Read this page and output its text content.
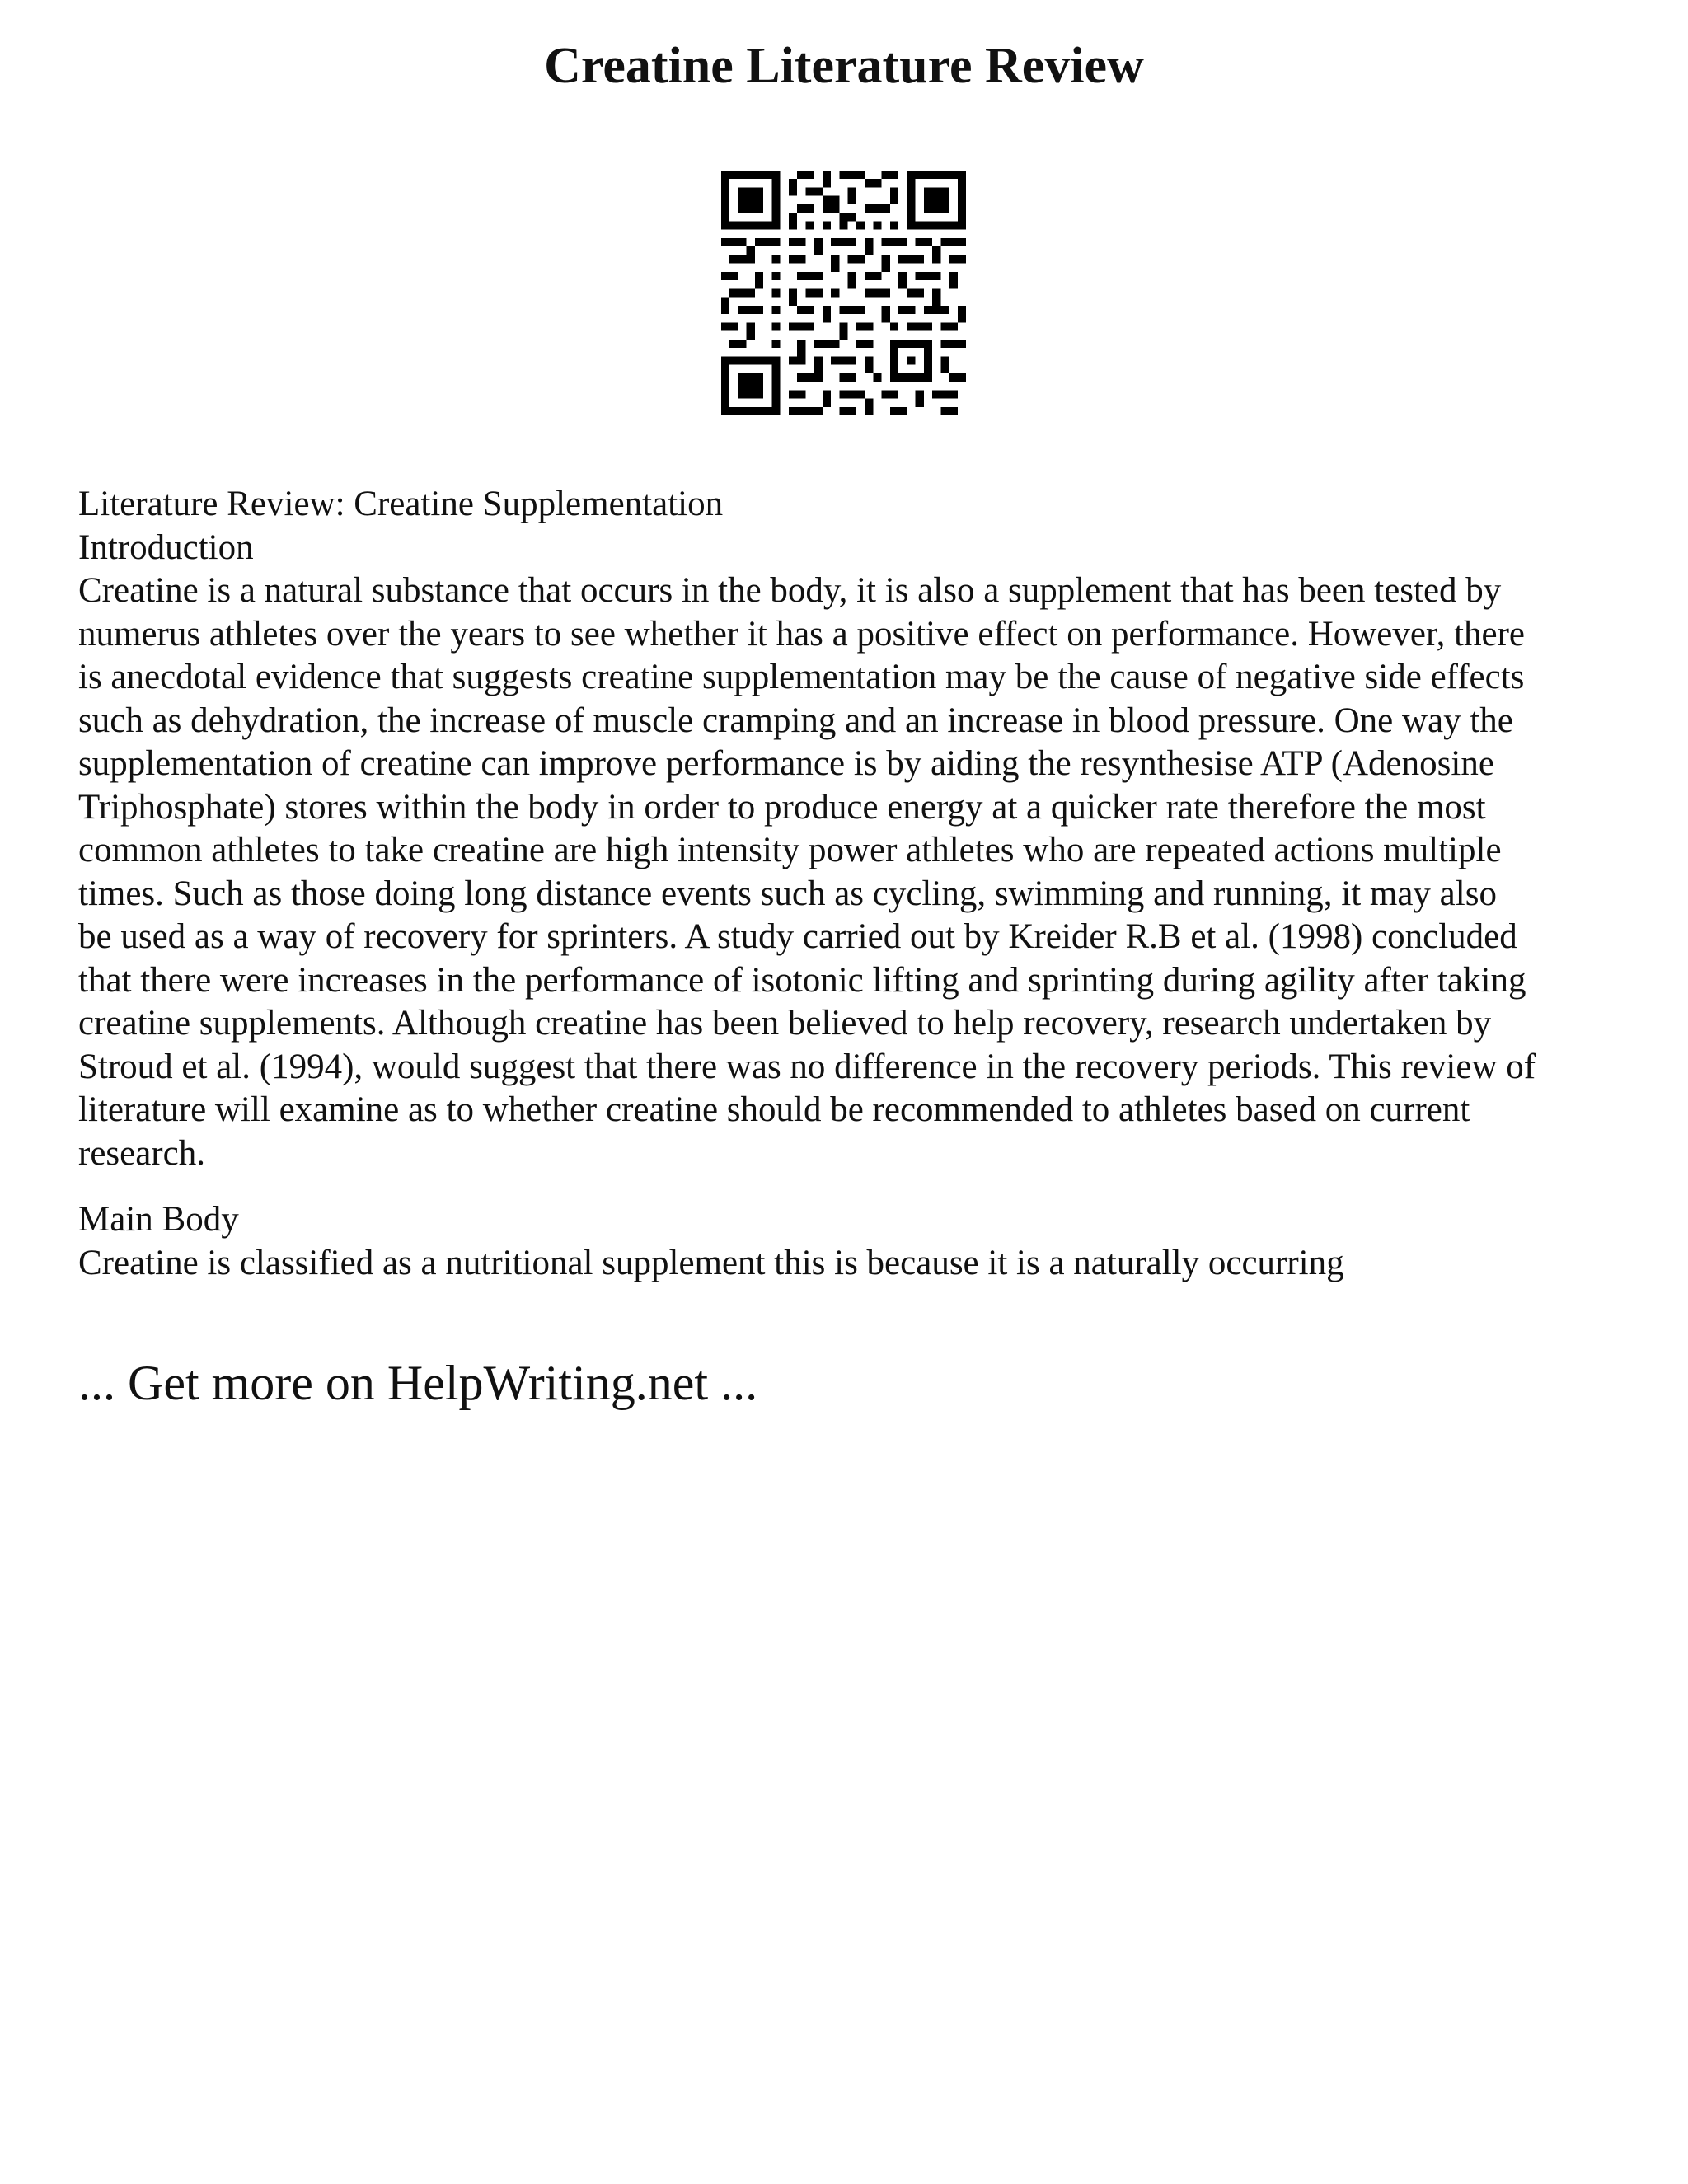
Creatine Literature Review
Literature Review: Creatine Supplementation
Introduction
Creatine is a natural substance that occurs in the body, it is also a supplement that has been tested by
numerus athletes over the years to see whether it has a positive effect on performance. However, there
is anecdotal evidence that suggests creatine supplementation may be the cause of negative side effects
such as dehydration, the increase of muscle cramping and an increase in blood pressure. One way the
supplementation of creatine can improve performance is by aiding the resynthesise ATP (Adenosine
Triphosphate) stores within the body in order to produce energy at a quicker rate therefore the most
common athletes to take creatine are high intensity power athletes who are repeated actions multiple
times. Such as those doing long distance events such as cycling, swimming and running, it may also
be used as a way of recovery for sprinters. A study carried out by Kreider R.B et al. (1998) concluded
that there were increases in the performance of isotonic lifting and sprinting during agility after taking
creatine supplements. Although creatine has been believed to help recovery, research undertaken by
Stroud et al. (1994), would suggest that there was no difference in the recovery periods. This review of
literature will examine as to whether creatine should be recommended to athletes based on current
research.
Main Body
Creatine is classified as a nutritional supplement this is because it is a naturally occurring
... Get more on HelpWriting.net ...
